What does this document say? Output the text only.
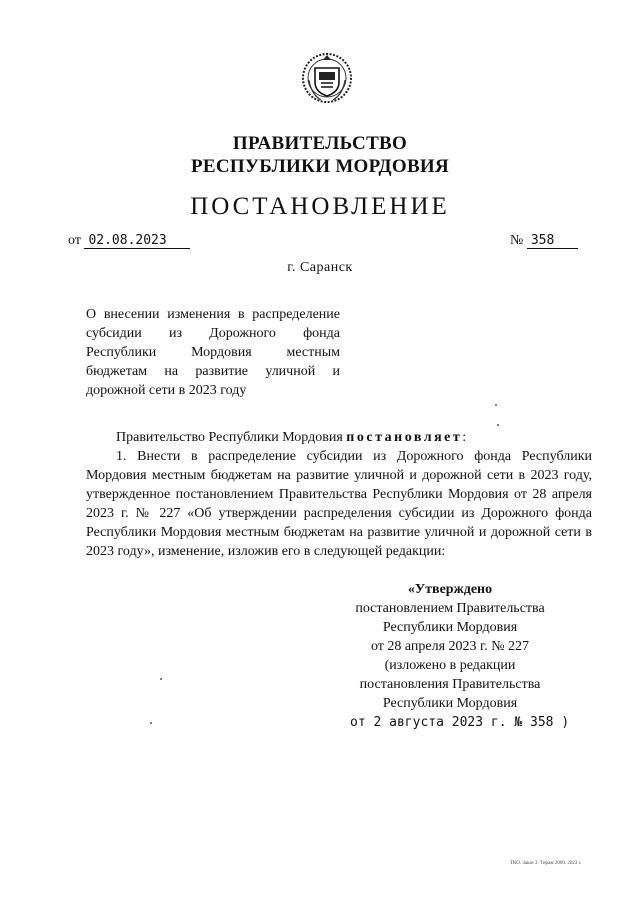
ПРАВИТЕЛЬСТВО
РЕСПУБЛИКИ МОРДОВИЯ
ПОСТАНОВЛЕНИЕ
от 02.08.2023	№ 358
г. Саранск
О внесении изменения в распределение субсидии из Дорожного фонда Республики Мордовия местным бюджетам на развитие уличной и дорожной сети в 2023 году
Правительство Республики Мордовия постановляет:
1. Внести в распределение субсидии из Дорожного фонда Республики Мордовия местным бюджетам на развитие уличной и дорожной сети в 2023 году, утвержденное постановлением Правительства Республики Мордовия от 28 апреля 2023 г. № 227 «Об утверждении распределения субсидии из Дорожного фонда Республики Мордовия местным бюджетам на развитие уличной и дорожной сети в 2023 году», изменение, изложив его в следующей редакции:
«Утверждено
постановлением Правительства
Республики Мордовия
от 28 апреля 2023 г. № 227
(изложено в редакции
постановления Правительства
Республики Мордовия
от 2 августа 2023 г. № 358 )
ТКО. Заказ 3. Тираж 2000. 2023 г.
